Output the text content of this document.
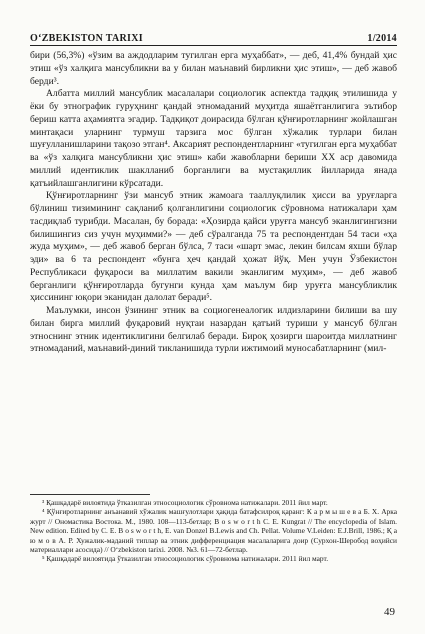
O‘ZBEKISTON TARIXI	1/2014

бири (56,3%) «ўзим ва аждодларим тугилган ерга муҳаббат», — деб, 41,4% бундай ҳис этиш «ўз халқига мансубликни ва у билан маънавий бирликни ҳис этиш», — деб жавоб берди³.

Албатта миллий мансублик масалалари социологик аспектда тадқиқ этилишида у ёки бу этнографик гуруҳнинг қандай этномаданий муҳитда яшаётганлигига эътибор бериш катта аҳамиятга эгадир. Тадқиқот доирасида бўлган қўнғиротларнинг жойлашган минтақаси уларнинг турмуш тарзига мос бўлган хўжалик турлари билан шуғулланишларини тақозо этган⁴. Аксарият респондентларнинг «тугилган ерга муҳаббат ва «ўз халқига мансубликни ҳис этиш» каби жавобларни бериши XX аср давомида миллий идентиклик шаклланиб борганлиги ва мустақиллик йилларида янада қатъийлашганлигини кўрсатади.

Қўнғиротларнинг ўзи мансуб этник жамоага тааллуқлилик ҳисси ва уруғларга бўлиниш тизимининг сақланиб қолганлигини социологик сўровнома натижалари ҳам тасдиқлаб турибди. Масалан, бу борада: «Ҳозирда қайси уруғга мансуб эканлигингизни билишингиз сиз учун муҳимми?» — деб сўралганда 75 та респондентдан 54 таси «ҳа жуда муҳим», — деб жавоб берган бўлса, 7 таси «шарт эмас, лекин билсам яхши бўлар эди» ва 6 та респондент «бунга ҳеч қандай ҳожат йўқ. Мен учун Ўзбекистон Республикаси фуқароси ва миллатим вакили эканлигим муҳим», — деб жавоб берганлиги қўнғиротларда бугунги кунда ҳам маълум бир уруғга мансубликлик ҳиссининг юқори эканидан далолат беради⁵.

Маълумки, инсон ўзининг этник ва социогенеалогик илдизларини билиши ва шу билан бирга миллий фуқаровий нуқтаи назардан қатъий туриши у мансуб бўлган этноснинг этник идентиклигини белгилаб беради. Бироқ ҳозирги шароитда миллатнинг этномаданий, маънавий-диний тикланишида турли ижтимоий муносабатларнинг (мил-

³ Қашқадарё вилоятида ўтказилган этносоциологик сўровнома натижалари. 2011 йил март.

⁴ Қўнғиротларнинг анъанавий хўжалик машғулотлари ҳақида батафсилроқ қаранг: К а р м ы ш е в а Б. Х. Арка журт // Ономастика Востока. М., 1980. 108—113-бетлар; B o s w o r t h C. E. Kungrat // The encyclopedia of Islam. New edition. Edited by C. E. B o s w o r t h, E. van Donzel B.Lewis and Ch. Pellat. Volume V.Leiden: E.J.Brill, 1986.; Қ а ю м о в А. Р. Хужалик-маданий типлар ва этник дифференциация масалаларига доир (Сурхон-Шеробод воҳийси материаллари асосида) // O‘zbekiston tarixi. 2008. №3. 61—72-бетлар.

⁵ Қашқадарё вилоятида ўтказилган этносоциологик сўровнома натижалари. 2011 йил март.

49
